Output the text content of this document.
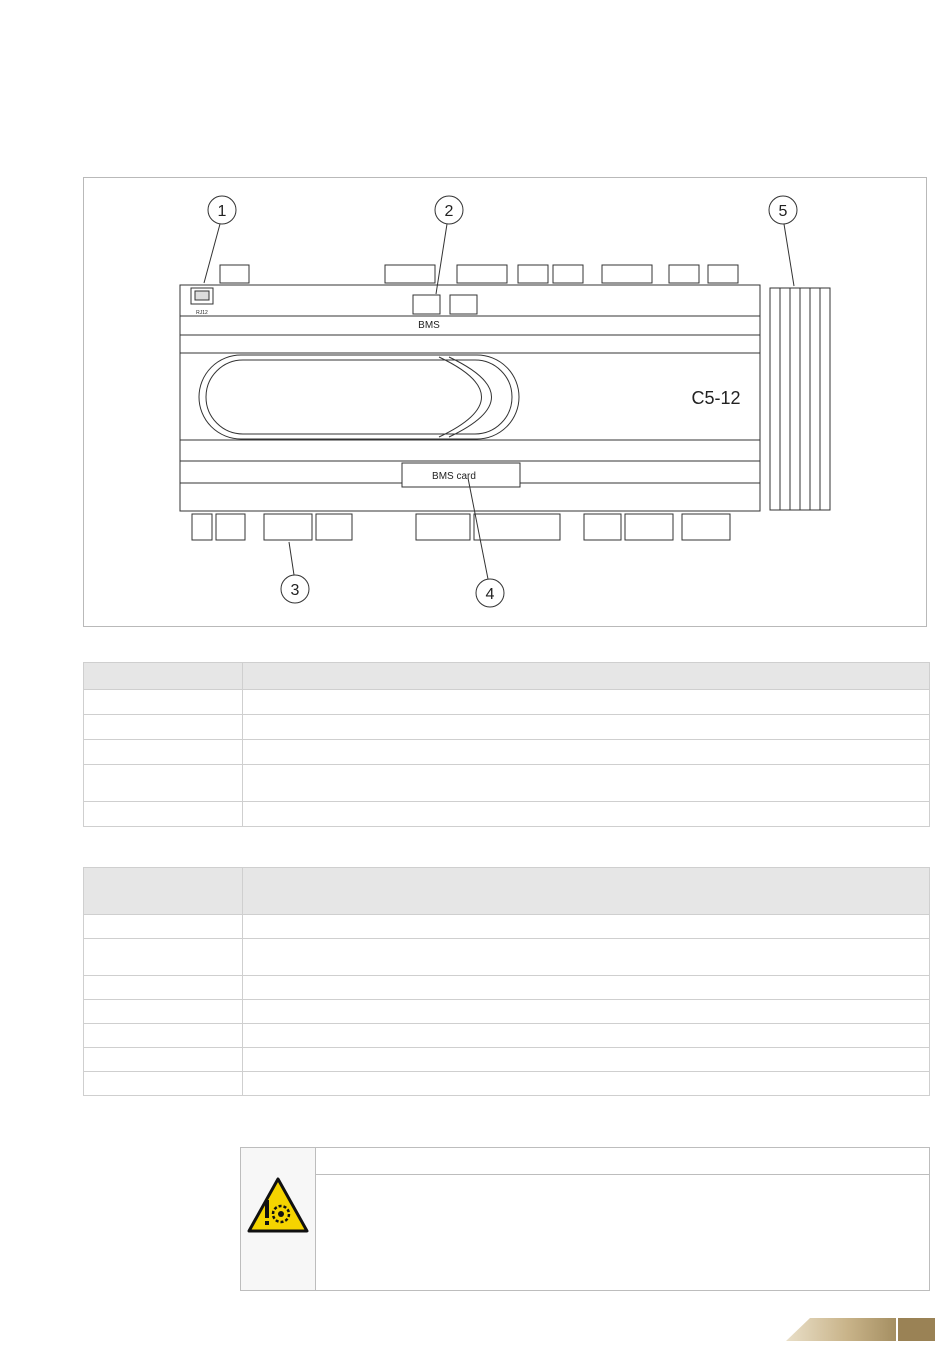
1	2	5
3	4
C5-12
BMS
BMS card
RJ12
